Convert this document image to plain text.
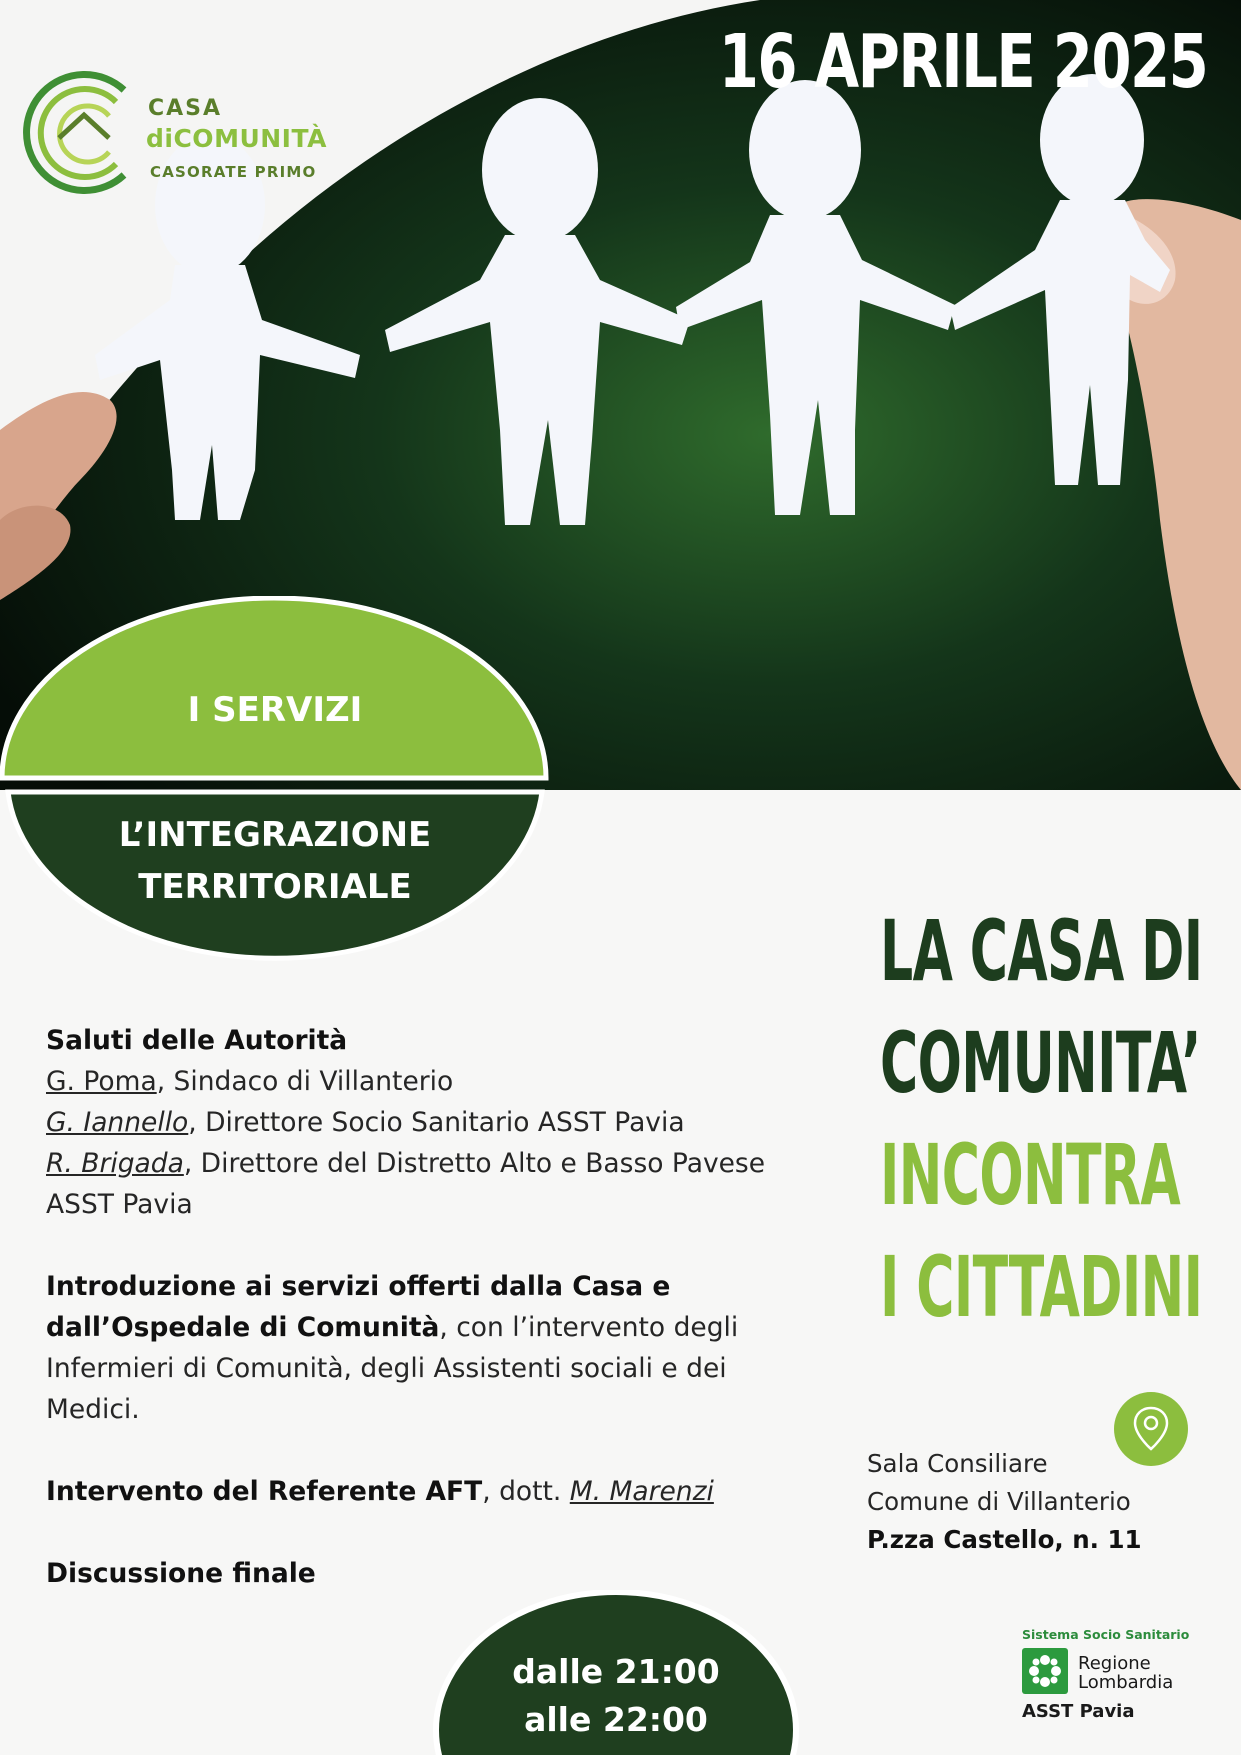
16 APRILE 2025
CASA
diCOMUNITÀ
CASORATE PRIMO
I SERVIZI
L’INTEGRAZIONE
TERRITORIALE

Saluti delle Autorità
G. Poma, Sindaco di Villanterio
G. Iannello, Direttore Socio Sanitario ASST Pavia
R. Brigada, Direttore del Distretto Alto e Basso Pavese ASST Pavia

Introduzione ai servizi offerti dalla Casa e dall’Ospedale di Comunità, con l’intervento degli Infermieri di Comunità, degli Assistenti sociali e dei Medici.

Intervento del Referente AFT, dott. M. Marenzi

Discussione finale

LA CASA DI
COMUNITA’
INCONTRA
I CITTADINI
Sala Consiliare
Comune di Villanterio
P.zza Castello, n. 11
dalle 21:00
alle 22:00
Sistema Socio Sanitario
Regione
Lombardia
ASST Pavia
